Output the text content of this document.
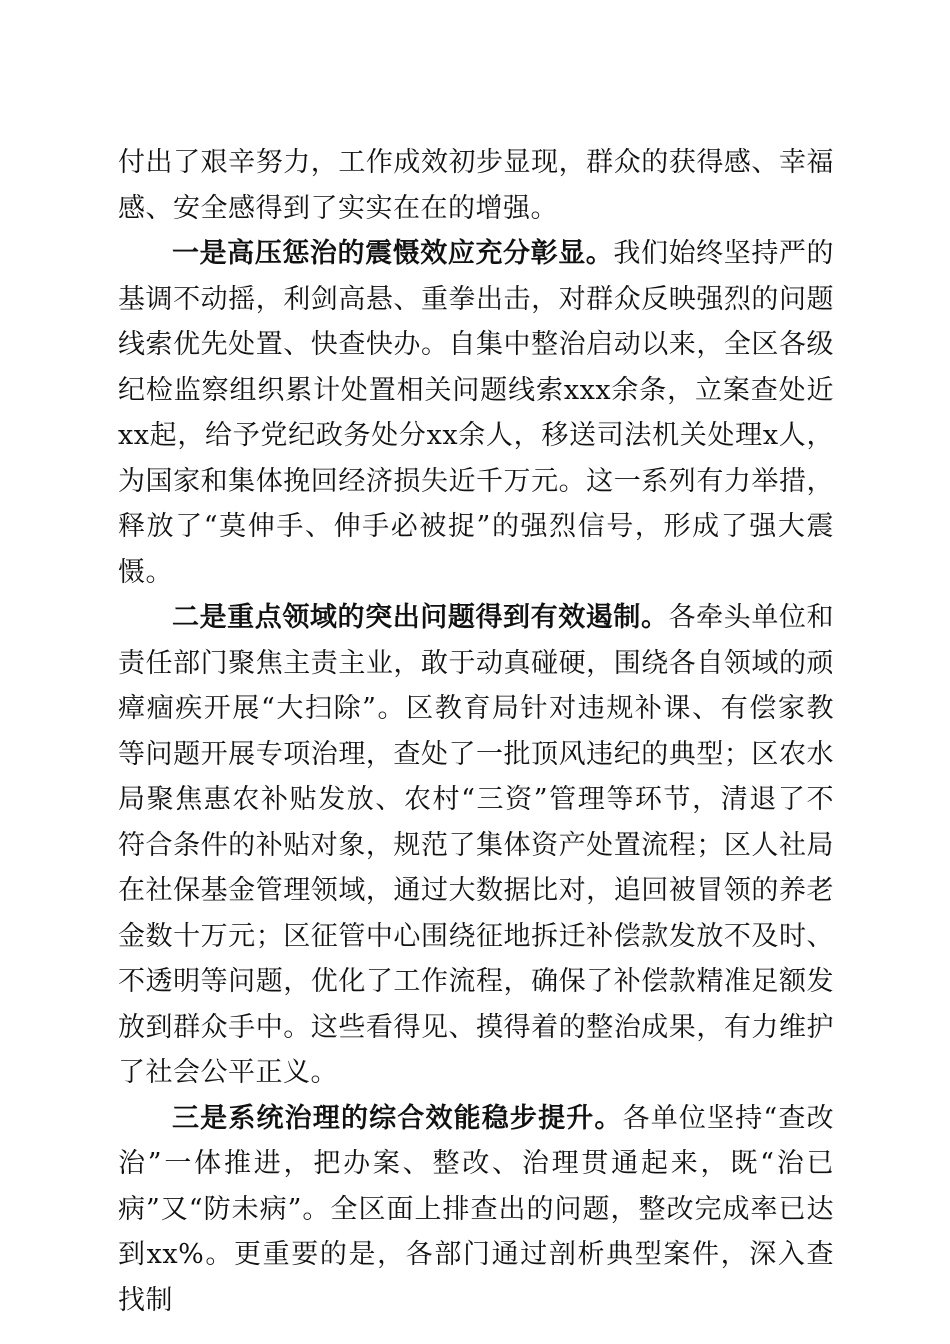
付出了艰辛努力，工作成效初步显现，群众的获得感、幸福感、安全感得到了实实在在的增强。

一是高压惩治的震慑效应充分彰显。我们始终坚持严的基调不动摇，利剑高悬、重拳出击，对群众反映强烈的问题线索优先处置、快查快办。自集中整治启动以来，全区各级纪检监察组织累计处置相关问题线索xxx余条，立案查处近xx起，给予党纪政务处分xx余人，移送司法机关处理x人，为国家和集体挽回经济损失近千万元。这一系列有力举措，释放了“莫伸手、伸手必被捉”的强烈信号，形成了强大震慑。

二是重点领域的突出问题得到有效遏制。各牵头单位和责任部门聚焦主责主业，敢于动真碰硬，围绕各自领域的顽瘴痼疾开展“大扫除”。区教育局针对违规补课、有偿家教等问题开展专项治理，查处了一批顶风违纪的典型；区农水局聚焦惠农补贴发放、农村“三资”管理等环节，清退了不符合条件的补贴对象，规范了集体资产处置流程；区人社局在社保基金管理领域，通过大数据比对，追回被冒领的养老金数十万元；区征管中心围绕征地拆迁补偿款发放不及时、不透明等问题，优化了工作流程，确保了补偿款精准足额发放到群众手中。这些看得见、摸得着的整治成果，有力维护了社会公平正义。

三是系统治理的综合效能稳步提升。各单位坚持“查改治”一体推进，把办案、整改、治理贯通起来，既“治已病”又“防未病”。全区面上排查出的问题，整改完成率已达到xx%。更重要的是，各部门通过剖析典型案件，深入查找制
